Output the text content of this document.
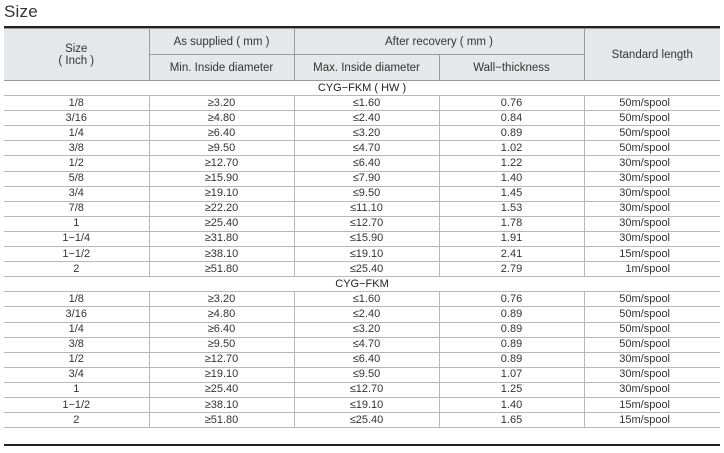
Size
Size
( Inch )	As supplied ( mm )	After recovery ( mm )		Standard length
	Min. Inside diameter	Max. Inside diameter	Wall−thickness	
CYG−FKM ( HW )				
1/8	≥3.20	≤1.60	0.76	50m/spool
3/16	≥4.80	≤2.40	0.84	50m/spool
1/4	≥6.40	≤3.20	0.89	50m/spool
3/8	≥9.50	≤4.70	1.02	50m/spool
1/2	≥12.70	≤6.40	1.22	30m/spool
5/8	≥15.90	≤7.90	1.40	30m/spool
3/4	≥19.10	≤9.50	1.45	30m/spool
7/8	≥22.20	≤11.10	1.53	30m/spool
1	≥25.40	≤12.70	1.78	30m/spool
1−1/4	≥31.80	≤15.90	1.91	30m/spool
1−1/2	≥38.10	≤19.10	2.41	15m/spool
2	≥51.80	≤25.40	2.79	1m/spool
CYG−FKM				
1/8	≥3.20	≤1.60	0.76	50m/spool
3/16	≥4.80	≤2.40	0.89	50m/spool
1/4	≥6.40	≤3.20	0.89	50m/spool
3/8	≥9.50	≤4.70	0.89	50m/spool
1/2	≥12.70	≤6.40	0.89	30m/spool
3/4	≥19.10	≤9.50	1.07	30m/spool
1	≥25.40	≤12.70	1.25	30m/spool
1−1/2	≥38.10	≤19.10	1.40	15m/spool
2	≥51.80	≤25.40	1.65	15m/spool
